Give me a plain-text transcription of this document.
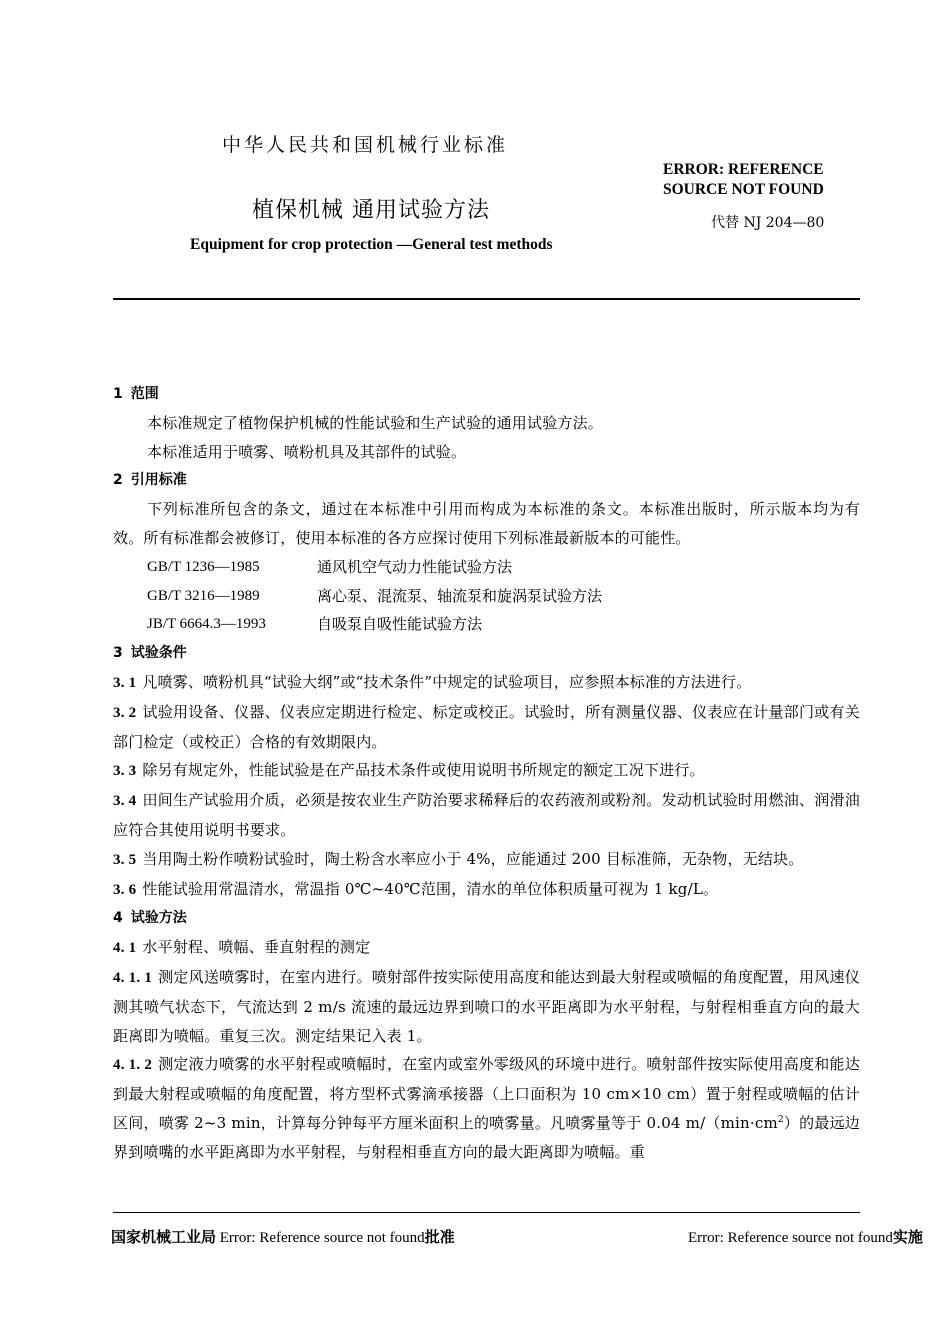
中华人民共和国机械行业标准
植保机械 通用试验方法
Equipment for crop protection —General test methods
ERROR: REFERENCE
SOURCE NOT FOUND
代替 NJ 204—80
1 范围

本标准规定了植物保护机械的性能试验和生产试验的通用试验方法。

本标准适用于喷雾、喷粉机具及其部件的试验。

2 引用标准

下列标准所包含的条文，通过在本标准中引用而构成为本标准的条文。本标准出版时，所示版本均为有效。所有标准都会被修订，使用本标准的各方应探讨使用下列标准最新版本的可能性。

GB/T 1236—1985	通风机空气动力性能试验方法
GB/T 3216—1989	离心泵、混流泵、轴流泵和旋涡泵试验方法
JB/T 6664.3—1993	自吸泵自吸性能试验方法
3 试验条件

3. 1 凡喷雾、喷粉机具“试验大纲”或“技术条件”中规定的试验项目，应参照本标准的方法进行。

3. 2 试验用设备、仪器、仪表应定期进行检定、标定或校正。试验时，所有测量仪器、仪表应在计量部门或有关部门检定（或校正）合格的有效期限内。

3. 3 除另有规定外，性能试验是在产品技术条件或使用说明书所规定的额定工况下进行。

3. 4 田间生产试验用介质，必须是按农业生产防治要求稀释后的农药液剂或粉剂。发动机试验时用燃油、润滑油应符合其使用说明书要求。

3. 5 当用陶土粉作喷粉试验时，陶土粉含水率应小于 4%，应能通过 200 目标准筛，无杂物，无结块。

3. 6 性能试验用常温清水，常温指 0℃~40℃范围，清水的单位体积质量可视为 1 kg/L。

4 试验方法

4. 1 水平射程、喷幅、垂直射程的测定

4. 1. 1 测定风送喷雾时，在室内进行。喷射部件按实际使用高度和能达到最大射程或喷幅的角度配置，用风速仪测其喷气状态下，气流达到 2 m/s 流速的最远边界到喷口的水平距离即为水平射程，与射程相垂直方向的最大距离即为喷幅。重复三次。测定结果记入表 1。

4. 1. 2 测定液力喷雾的水平射程或喷幅时，在室内或室外零级风的环境中进行。喷射部件按实际使用高度和能达到最大射程或喷幅的角度配置，将方型杯式雾滴承接器（上口面积为 10 cm×10 cm）置于射程或喷幅的估计区间，喷雾 2~3 min，计算每分钟每平方厘米面积上的喷雾量。凡喷雾量等于 0.04 $m/(\min\cdot cm^2)$的最远边界到喷嘴的水平距离即为水平射程，与射程相垂直方向的最大距离即为喷幅。重

国家机械工业局 Error: Reference source not found批准	Error: Reference source not found实施
